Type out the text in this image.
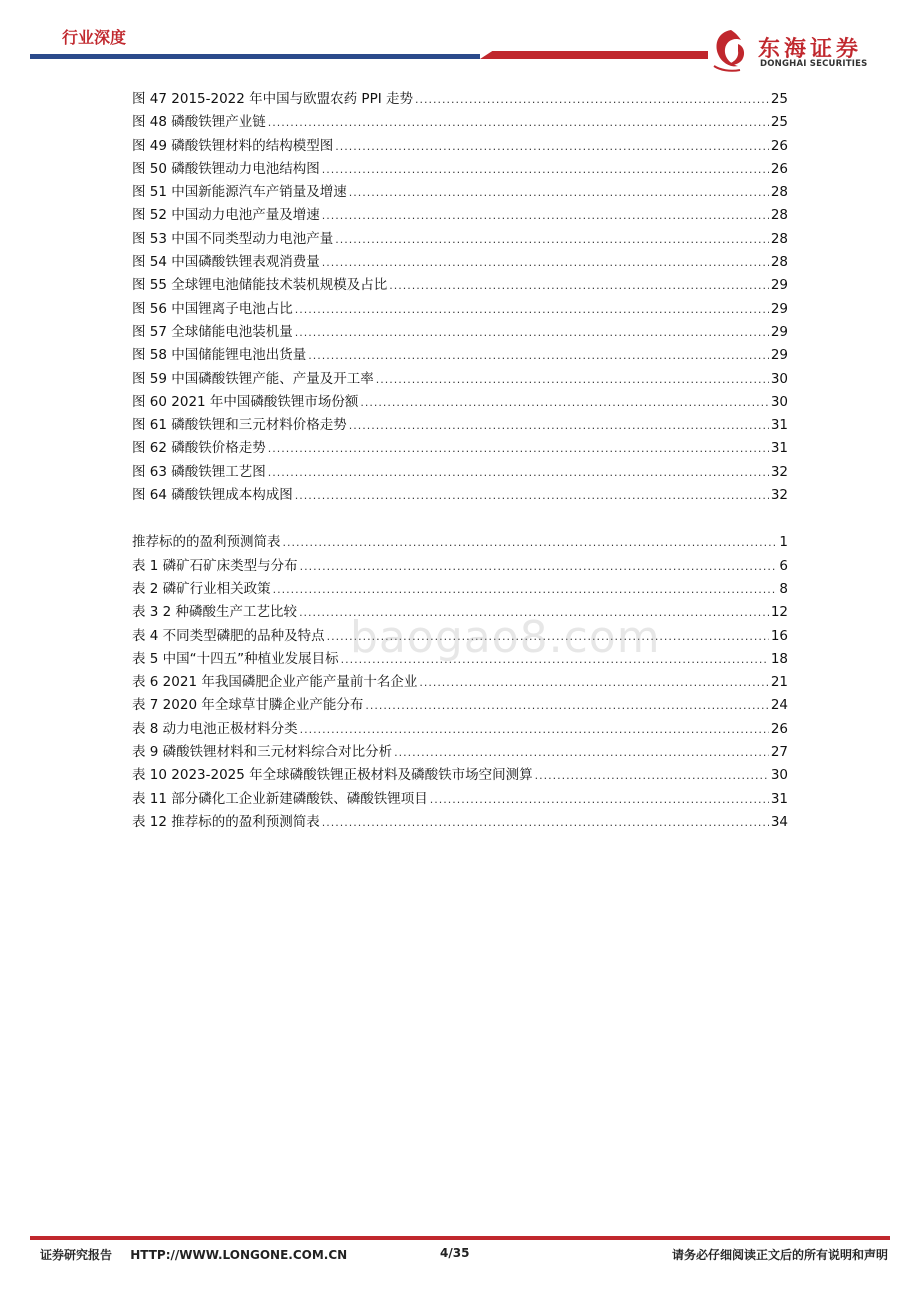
行业深度	东海证券
DONGHAI SECURITIES
图 47 2015-2022 年中国与欧盟农药 PPI 走势 .....	25
图 48 磷酸铁锂产业链 .....	25
图 49 磷酸铁锂材料的结构模型图 .....	26
图 50 磷酸铁锂动力电池结构图 .....	26
图 51 中国新能源汽车产销量及增速 .....	28
图 52 中国动力电池产量及增速 .....	28
图 53 中国不同类型动力电池产量 .....	28
图 54 中国磷酸铁锂表观消费量 .....	28
图 55 全球锂电池储能技术装机规模及占比 .....	29
图 56 中国锂离子电池占比 .....	29
图 57 全球储能电池装机量 .....	29
图 58 中国储能锂电池出货量 .....	29
图 59 中国磷酸铁锂产能、产量及开工率 .....	30
图 60 2021 年中国磷酸铁锂市场份额 .....	30
图 61 磷酸铁锂和三元材料价格走势 .....	31
图 62 磷酸铁价格走势 .....	31
图 63 磷酸铁锂工艺图 .....	32
图 64 磷酸铁锂成本构成图 .....	32
推荐标的的盈利预测简表 .....	1
表 1 磷矿石矿床类型与分布 .....	6
表 2 磷矿行业相关政策 .....	8
表 3 2 种磷酸生产工艺比较 .....	12
表 4 不同类型磷肥的品种及特点 .....	16
表 5 中国“十四五”种植业发展目标 .....	18
表 6 2021 年我国磷肥企业产能产量前十名企业 .....	21
表 7 2020 年全球草甘膦企业产能分布 .....	24
表 8 动力电池正极材料分类 .....	26
表 9 磷酸铁锂材料和三元材料综合对比分析 .....	27
表 10 2023-2025 年全球磷酸铁锂正极材料及磷酸铁市场空间测算 .....	30
表 11 部分磷化工企业新建磷酸铁、磷酸铁锂项目 .....	31
表 12 推荐标的的盈利预测简表 .....	34
baogao8.com
证券研究报告 HTTP://WWW.LONGONE.COM.CN	4/35	请务必仔细阅读正文后的所有说明和声明
